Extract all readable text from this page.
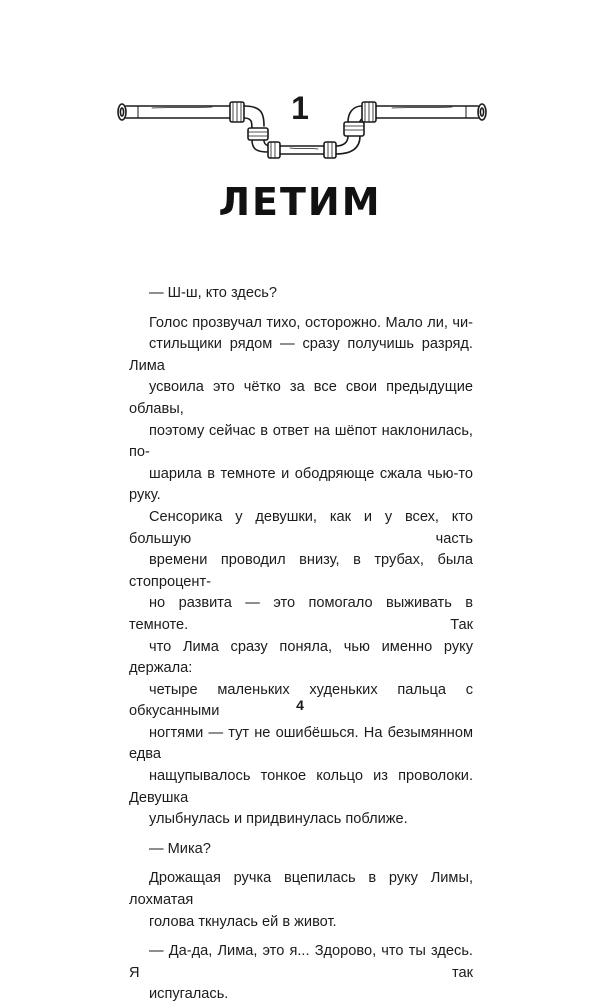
1
ЛЕТИМ

— Ш-ш, кто здесь?

Голос прозвучал тихо, осторожно. Мало ли, чи-
стильщики рядом — сразу получишь разряд. Лима
усвоила это чётко за все свои предыдущие облавы,
поэтому сейчас в ответ на шёпот наклонилась, по-
шарила в темноте и ободряюще сжала чью-то руку.
Сенсорика у девушки, как и у всех, кто большую часть
времени проводил внизу, в трубах, была стопроцент-
но развита — это помогало выживать в темноте. Так
что Лима сразу поняла, чью именно руку держала:
четыре маленьких худеньких пальца с обкусанными
ногтями — тут не ошибёшься. На безымянном едва
нащупывалось тонкое кольцо из проволоки. Девушка
улыбнулась и придвинулась поближе.

— Мика?

Дрожащая ручка вцепилась в руку Лимы, лохматая
голова ткнулась ей в живот.

— Да-да, Лима, это я... Здорово, что ты здесь. Я так
испугалась.

4
